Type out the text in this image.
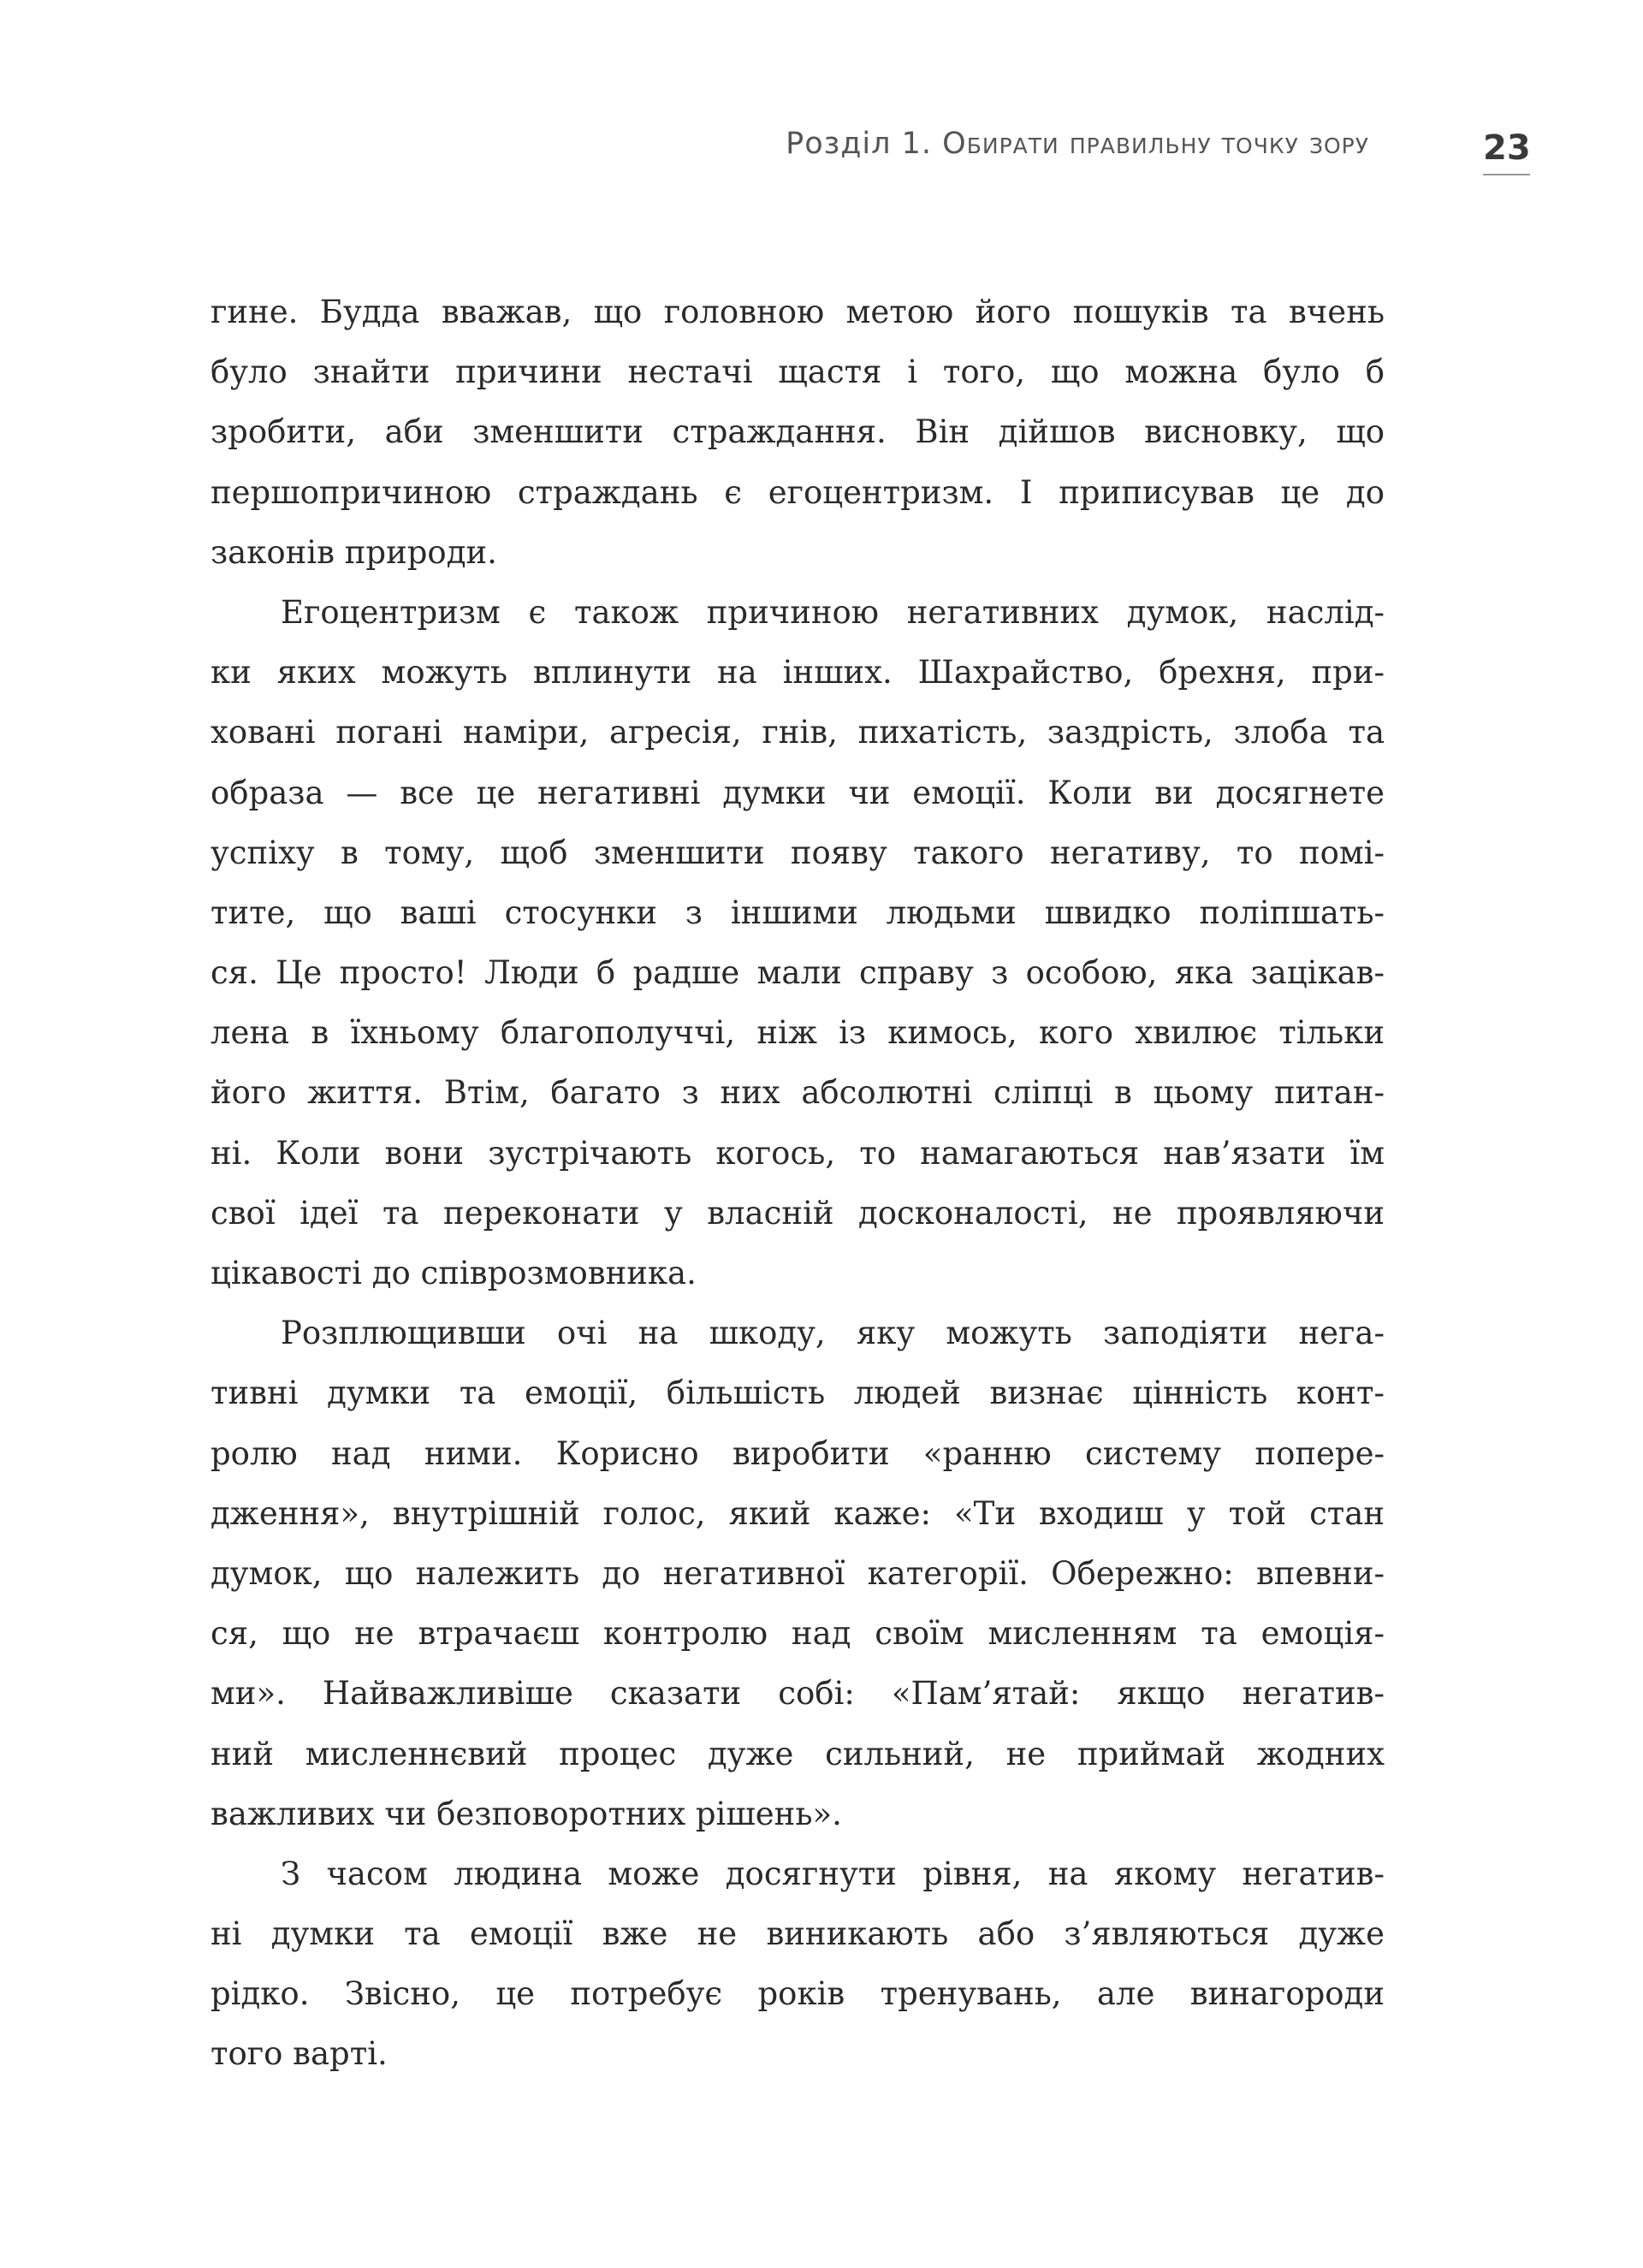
Розділ 1. Обирати правильну точку зору	23
гине. Будда вважав, що головною метою його пошуків та вчень
було знайти причини нестачі щастя і того, що можна було б
зробити, аби зменшити страждання. Він дійшов висновку, що
першопричиною страждань є егоцентризм. І приписував це до
законів природи.
Егоцентризм є також причиною негативних думок, наслід-
ки яких можуть вплинути на інших. Шахрайство, брехня, при-
ховані погані наміри, агресія, гнів, пихатість, заздрість, злоба та
образа — все це негативні думки чи емоції. Коли ви досягнете
успіху в тому, щоб зменшити появу такого негативу, то помі-
тите, що ваші стосунки з іншими людьми швидко поліпшать-
ся. Це просто! Люди б радше мали справу з особою, яка зацікав-
лена в їхньому благополуччі, ніж із кимось, кого хвилює тільки
його життя. Втім, багато з них абсолютні сліпці в цьому питан-
ні. Коли вони зустрічають когось, то намагаються нав’язати їм
свої ідеї та переконати у власній досконалості, не проявляючи
цікавості до співрозмовника.
Розплющивши очі на шкоду, яку можуть заподіяти нега-
тивні думки та емоції, більшість людей визнає цінність конт-
ролю над ними. Корисно виробити «ранню систему попере-
дження», внутрішній голос, який каже: «Ти входиш у той стан
думок, що належить до негативної категорії. Обережно: впевни-
ся, що не втрачаєш контролю над своїм мисленням та емоція-
ми». Найважливіше сказати собі: «Пам’ятай: якщо негатив-
ний мисленнєвий процес дуже сильний, не приймай жодних
важливих чи безповоротних рішень».
З часом людина може досягнути рівня, на якому негатив-
ні думки та емоції вже не виникають або з’являються дуже
рідко. Звісно, це потребує років тренувань, але винагороди
того варті.
